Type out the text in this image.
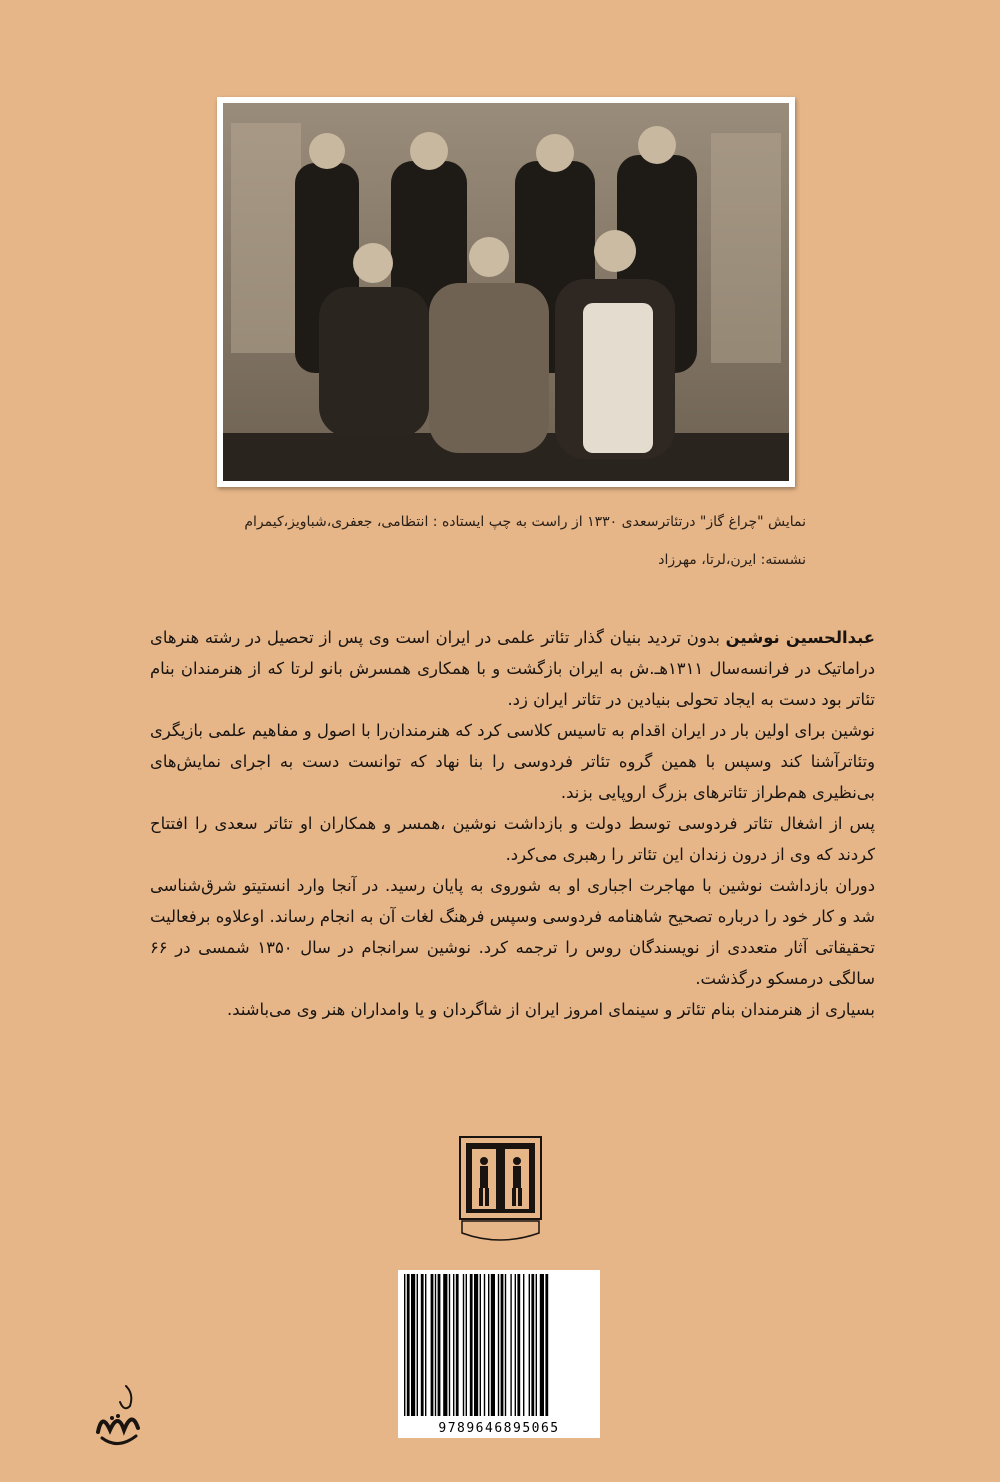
نمایش "چراغ گاز" درتئاترسعدی ۱۳۳۰ از راست به چپ ایستاده : انتظامی، جعفری،شباویز،کیمرام
نشسته: ایرن،لرتا، مهرزاد

عبدالحسین نوشین بدون تردید بنیان گذار تئاتر علمی در ایران است وی پس از تحصیل در رشته هنرهای دراماتیک در فرانسه‌سال ۱۳۱۱هـ.ش به ایران بازگشت و با همکاری همسرش بانو لرتا که از هنرمندان بنام تئاتر بود دست به ایجاد تحولی بنیادین در تئاتر ایران زد.

نوشین برای اولین بار در ایران اقدام به تاسیس کلاسی کرد که هنرمندان‌را با اصول و مفاهیم علمی بازیگری وتئاترآشنا کند وسپس با همین گروه تئاتر فردوسی را بنا نهاد که توانست دست به اجرای نمایش‌های بی‌نظیری هم‌طراز تئاترهای بزرگ اروپایی بزند.

پس از اشغال تئاتر فردوسی توسط دولت و بازداشت نوشین ،همسر و همکاران او تئاتر سعدی را افتتاح کردند که وی از درون زندان این تئاتر را رهبری می‌کرد.

دوران بازداشت نوشین با مهاجرت اجباری او به شوروی به پایان رسید. در آنجا وارد انستیتو شرق‌شناسی شد و کار خود را درباره تصحیح شاهنامه فردوسی وسپس فرهنگ لغات آن به انجام رساند. اوعلاوه برفعالیت تحقیقاتی آثار متعددی از نویسندگان روس را ترجمه کرد. نوشین سرانجام در سال ۱۳۵۰ شمسی در ۶۶ سالگی درمسکو درگذشت.

بسیاری از هنرمندان بنام تئاتر و سینمای امروز ایران از شاگردان و یا وامداران هنر وی می‌باشند.

9789646895065
